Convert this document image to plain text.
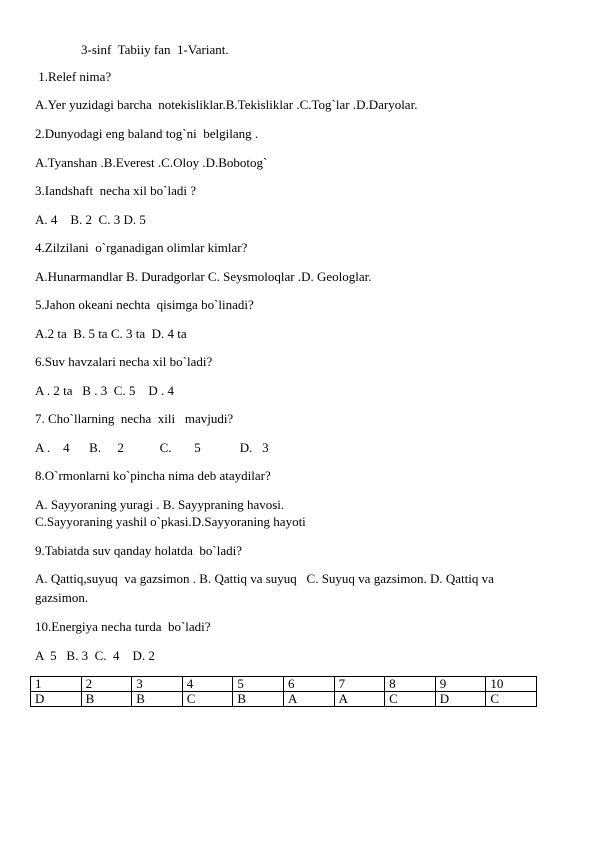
3-sinf  Tabiiy fan  1-Variant.
1.Relef nima?
A.Yer yuzidagi barcha  notekisliklar.B.Tekisliklar .C.Tog`lar .D.Daryolar.
2.Dunyodagi eng baland tog`ni  belgilang .
A.Tyanshan .B.Everest .C.Oloy .D.Bobotog`
3.Iandshaft  necha xil bo`ladi ?
A. 4    B. 2  C. 3 D. 5
4.Zilzilani  o`rganadigan olimlar kimlar?
A.Hunarmandlar B. Duradgorlar C. Seysmoloqlar .D. Geologlar.
5.Jahon okeani nechta  qisimga bo`linadi?
A.2 ta  B. 5 ta C. 3 ta  D. 4 ta
6.Suv havzalari necha xil bo`ladi?
A . 2 ta   B . 3  C. 5    D . 4
7. Cho`llarning  necha  xili   mavjudi?
A .    4      B.     2           C.       5            D.   3
8.O`rmonlarni ko`pincha nima deb ataydilar?
A. Sayyoraning yuragi . B. Sayypraning havosi.
C.Sayyoraning yashil o`pkasi.D.Sayyoraning hayoti
9.Tabiatda suv qanday holatda  bo`ladi?
A. Qattiq,suyuq  va gazsimon . B. Qattiq va suyuq   C. Suyuq va gazsimon. D. Qattiq va
gazsimon.
10.Energiya necha turda  bo`ladi?
A  5   B. 3  C.  4    D. 2
1	2	3	4	5	6	7	8	9	10
D	B	B	C	B	A	A	C	D	C
